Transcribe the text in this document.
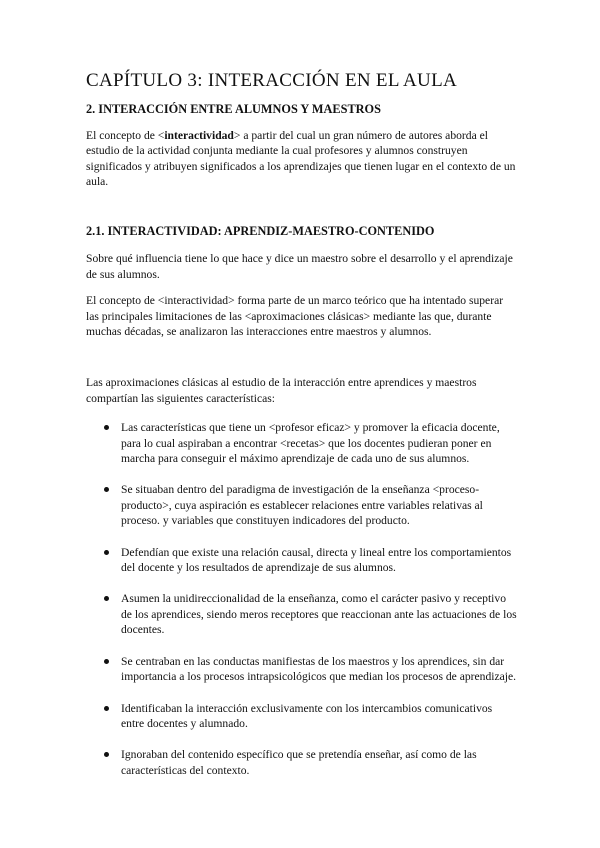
CAPÍTULO 3: INTERACCIÓN EN EL AULA
2. INTERACCIÓN ENTRE ALUMNOS Y MAESTROS

El concepto de <interactividad> a partir del cual un gran número de autores aborda el estudio de la actividad conjunta mediante la cual profesores y alumnos construyen significados y atribuyen significados a los aprendizajes que tienen lugar en el contexto de un aula.

2.1. INTERACTIVIDAD: APRENDIZ-MAESTRO-CONTENIDO

Sobre qué influencia tiene lo que hace y dice un maestro sobre el desarrollo y el aprendizaje de sus alumnos.

El concepto de <interactividad> forma parte de un marco teórico que ha intentado superar las principales limitaciones de las <aproximaciones clásicas> mediante las que, durante muchas décadas, se analizaron las interacciones entre maestros y alumnos.

Las aproximaciones clásicas al estudio de la interacción entre aprendices y maestros compartían las siguientes características:

Las características que tiene un <profesor eficaz> y promover la eficacia docente, para lo cual aspiraban a encontrar <recetas> que los docentes pudieran poner en marcha para conseguir el máximo aprendizaje de cada uno de sus alumnos.

Se situaban dentro del paradigma de investigación de la enseñanza <proceso-producto>, cuya aspiración es establecer relaciones entre variables relativas al proceso. y variables que constituyen indicadores del producto.

Defendían que existe una relación causal, directa y lineal entre los comportamientos del docente y los resultados de aprendizaje de sus alumnos.

Asumen la unidireccionalidad de la enseñanza, como el carácter pasivo y receptivo de los aprendices, siendo meros receptores que reaccionan ante las actuaciones de los docentes.

Se centraban en las conductas manifiestas de los maestros y los aprendices, sin dar importancia a los procesos intrapsicológicos que median los procesos de aprendizaje.

Identificaban la interacción exclusivamente con los intercambios comunicativos entre docentes y alumnado.

Ignoraban del contenido específico que se pretendía enseñar, así como de las características del contexto.
